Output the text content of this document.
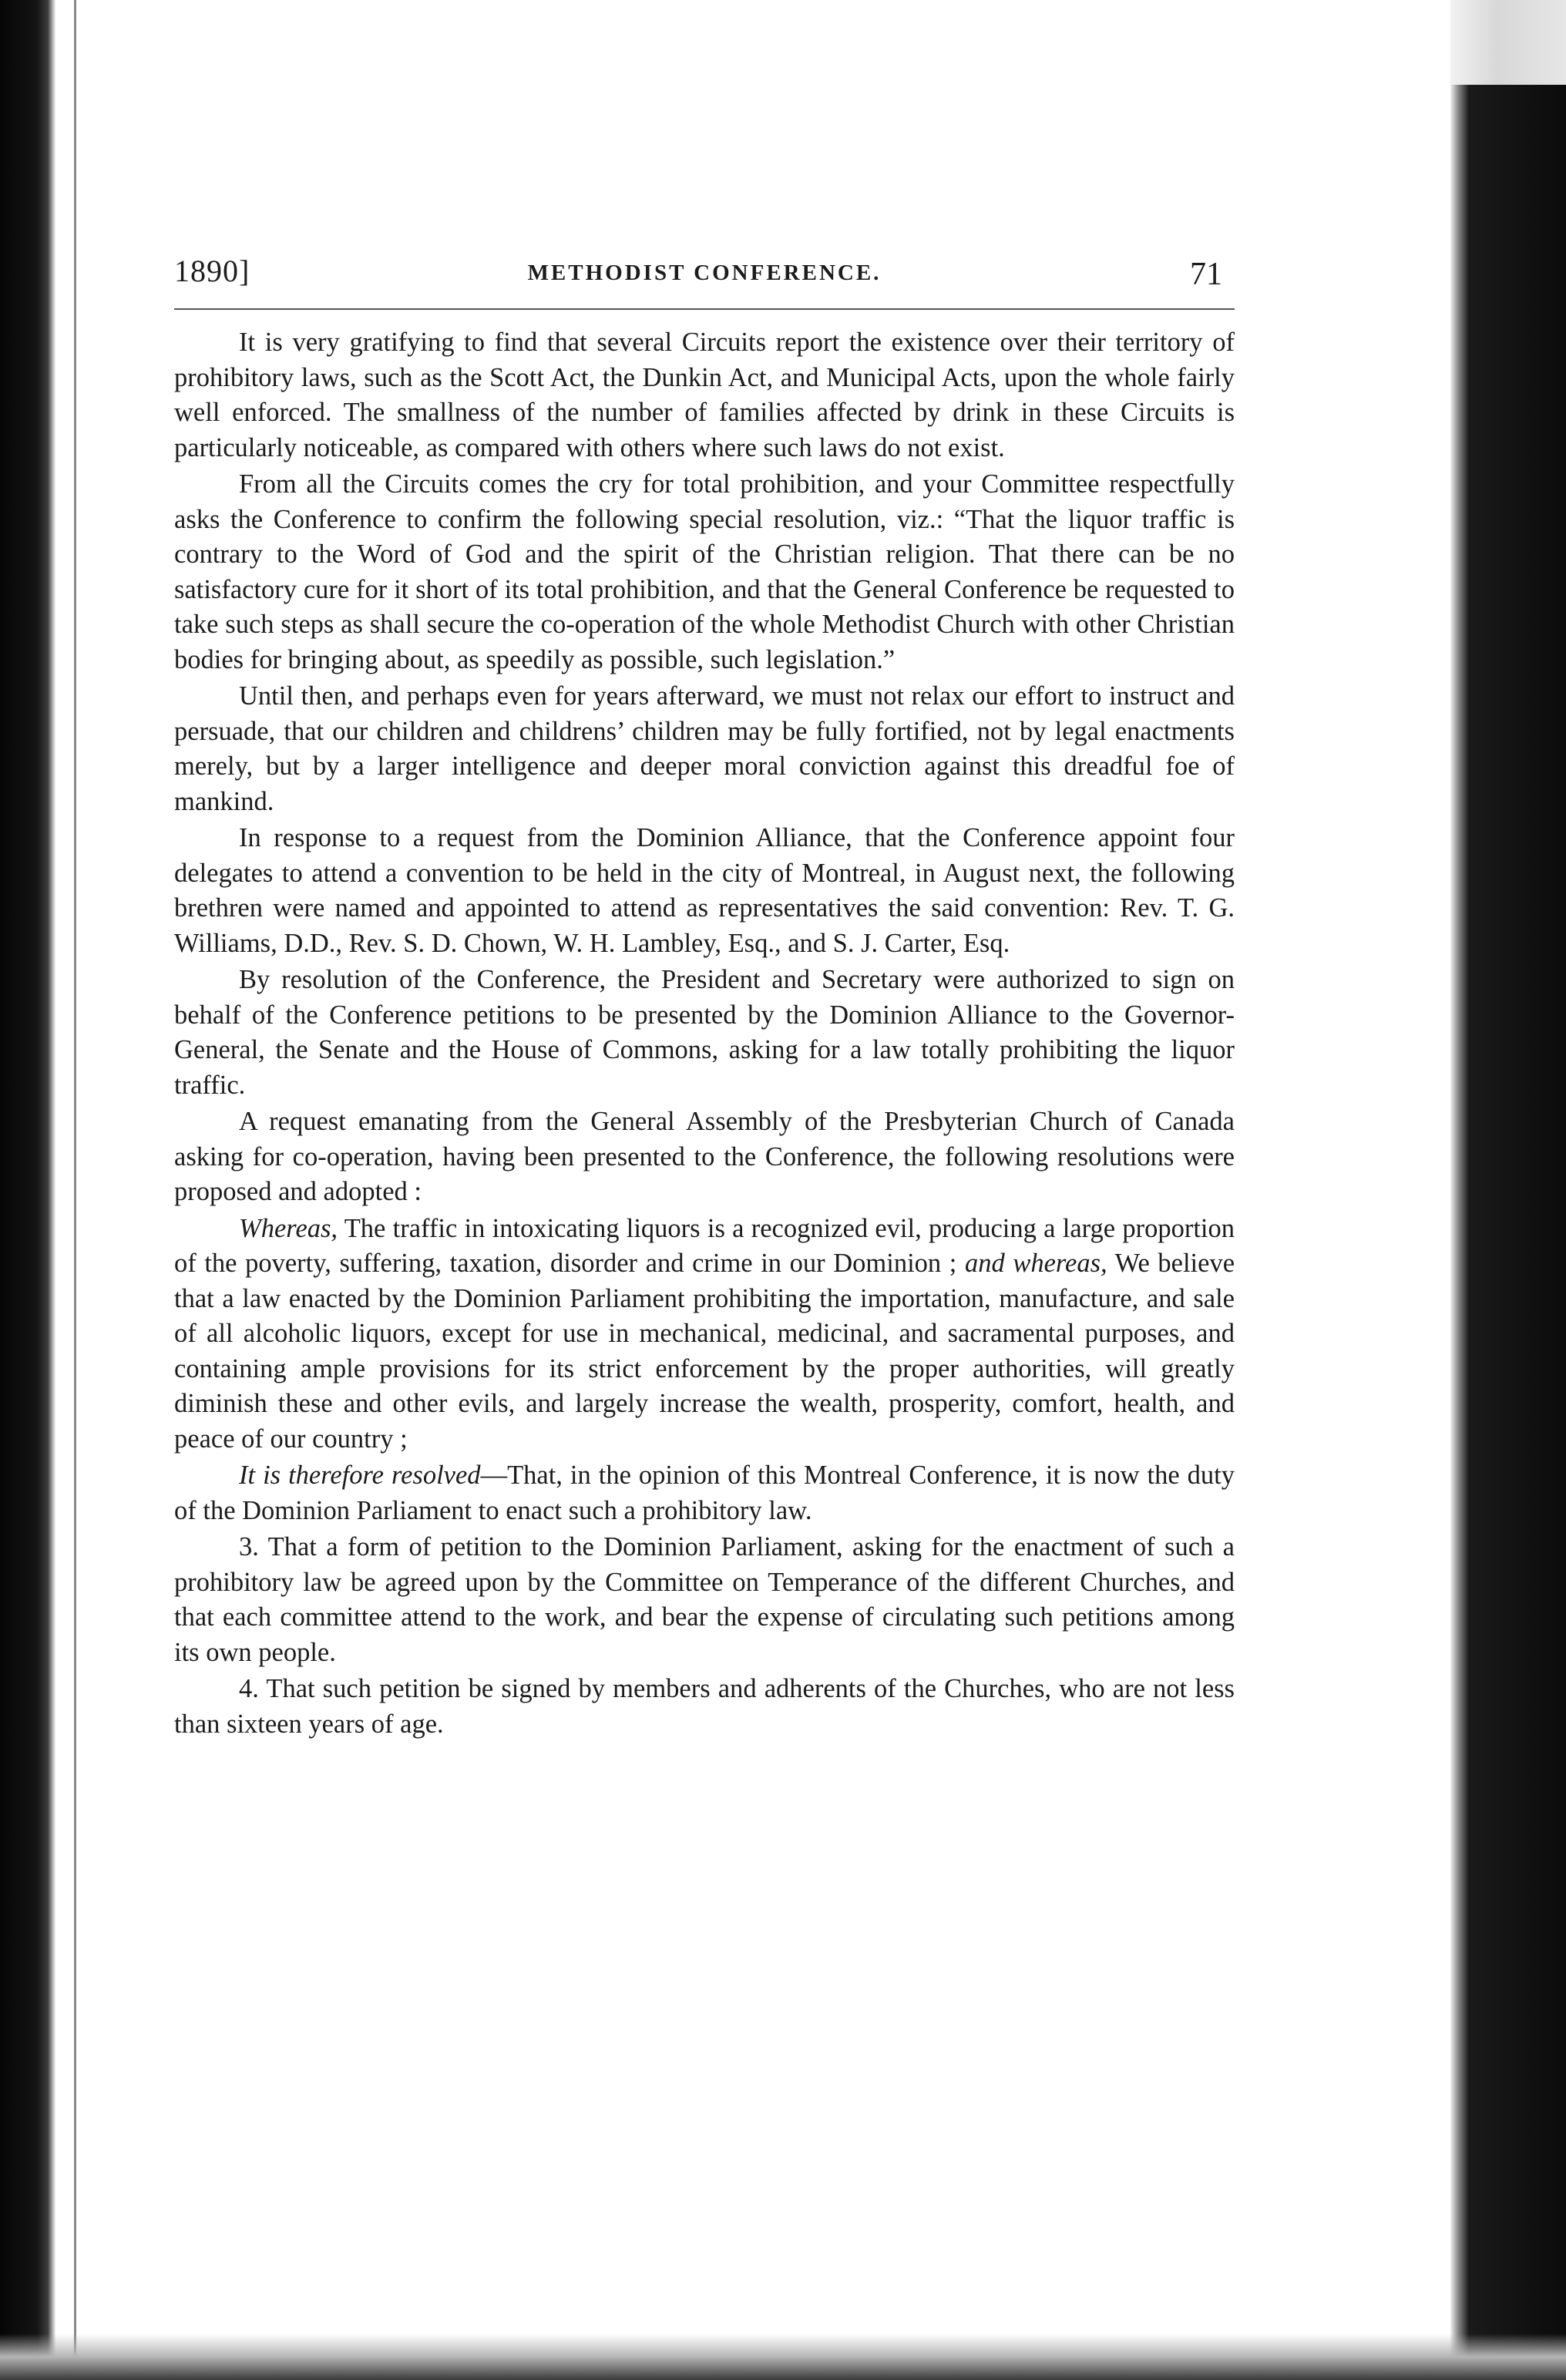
1890]	METHODIST CONFERENCE.	71

It is very gratifying to find that several Circuits report the existence over their territory of prohibitory laws, such as the Scott Act, the Dunkin Act, and Municipal Acts, upon the whole fairly well enforced. The smallness of the number of families affected by drink in these Circuits is particularly noticeable, as compared with others where such laws do not exist.

From all the Circuits comes the cry for total prohibition, and your Committee respectfully asks the Conference to confirm the following special resolution, viz.: “That the liquor traffic is contrary to the Word of God and the spirit of the Christian religion. That there can be no satisfactory cure for it short of its total prohibition, and that the General Conference be requested to take such steps as shall secure the co-operation of the whole Methodist Church with other Christian bodies for bringing about, as speedily as possible, such legislation.”

Until then, and perhaps even for years afterward, we must not relax our effort to instruct and persuade, that our children and childrens’ children may be fully fortified, not by legal enactments merely, but by a larger intelligence and deeper moral conviction against this dreadful foe of mankind.

In response to a request from the Dominion Alliance, that the Conference appoint four delegates to attend a convention to be held in the city of Montreal, in August next, the following brethren were named and appointed to attend as representatives the said convention: Rev. T. G. Williams, D.D., Rev. S. D. Chown, W. H. Lambley, Esq., and S. J. Carter, Esq.

By resolution of the Conference, the President and Secretary were authorized to sign on behalf of the Conference petitions to be presented by the Dominion Alliance to the Governor-General, the Senate and the House of Commons, asking for a law totally prohibiting the liquor traffic.

A request emanating from the General Assembly of the Presbyterian Church of Canada asking for co-operation, having been presented to the Conference, the following resolutions were proposed and adopted :

Whereas, The traffic in intoxicating liquors is a recognized evil, producing a large proportion of the poverty, suffering, taxation, disorder and crime in our Dominion ; and whereas, We believe that a law enacted by the Dominion Parliament prohibiting the importation, manufacture, and sale of all alcoholic liquors, except for use in mechanical, medicinal, and sacramental purposes, and containing ample provisions for its strict enforcement by the proper authorities, will greatly diminish these and other evils, and largely increase the wealth, prosperity, comfort, health, and peace of our country ;

It is therefore resolved—That, in the opinion of this Montreal Conference, it is now the duty of the Dominion Parliament to enact such a prohibitory law.

3. That a form of petition to the Dominion Parliament, asking for the enactment of such a prohibitory law be agreed upon by the Committee on Temperance of the different Churches, and that each committee attend to the work, and bear the expense of circulating such petitions among its own people.

4. That such petition be signed by members and adherents of the Churches, who are not less than sixteen years of age.
